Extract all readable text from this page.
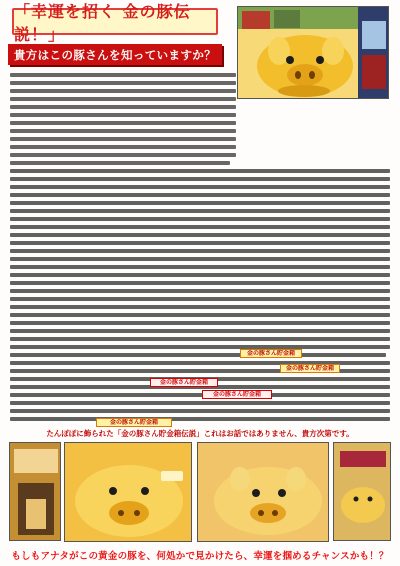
「幸運を招く 金の豚伝説！」
貴方はこの豚さんを知っていますか？
金の豚さん貯金箱
金の豚さん貯金箱
金の豚さん貯金箱
金の豚さん貯金箱
金の豚さん貯金箱
たんぽぽに飾られた「金の豚さん貯金箱伝説」これはお話ではありません、貴方次第です。
もしもアナタがこの黄金の豚を、何処かで見かけたら、幸運を掴めるチャンスかも！？
